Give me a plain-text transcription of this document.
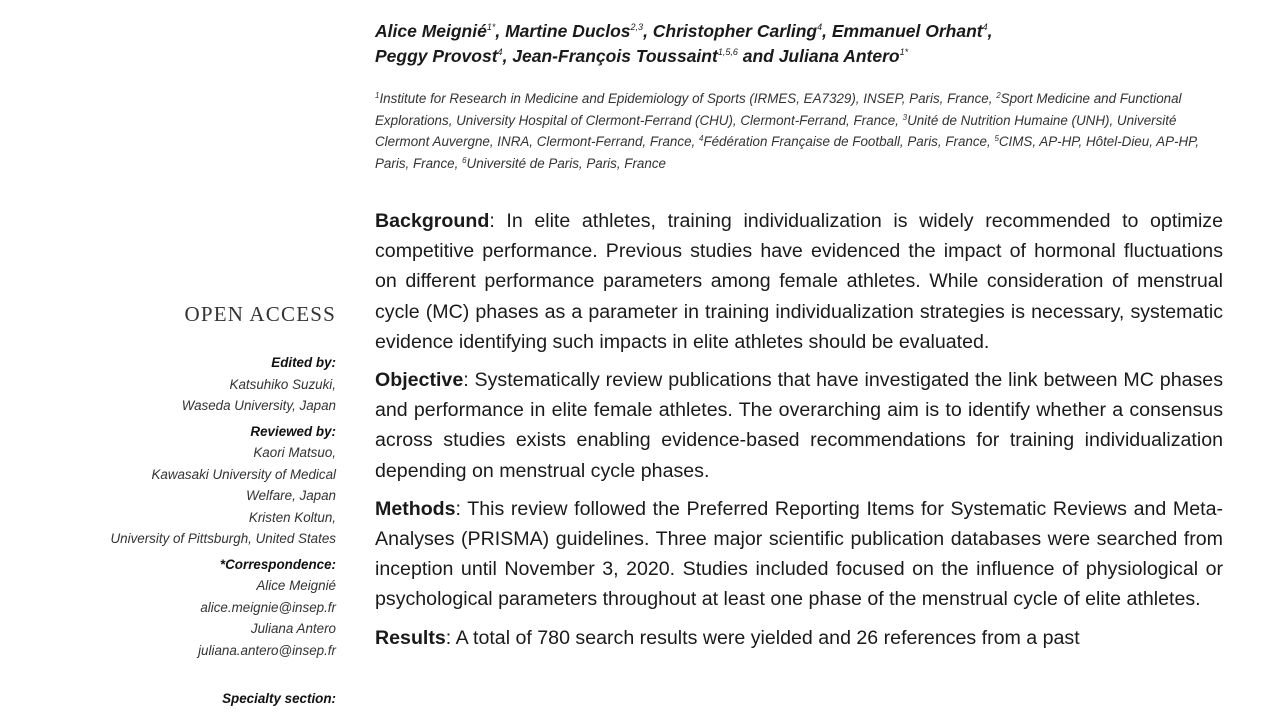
Alice Meignié$^{1*}$, Martine Duclos$^{2,3}$, Christopher Carling$^4$, Emmanuel Orhant$^4$,
Peggy Provost$^4$, Jean-François Toussaint$^{1,5,6}$ and Juliana Antero$^{1*}$
$^1$Institute for Research in Medicine and Epidemiology of Sports (IRMES, EA7329), INSEP, Paris, France, $^2$Sport Medicine and Functional Explorations, University Hospital of Clermont-Ferrand (CHU), Clermont-Ferrand, France, $^3$Unité de Nutrition Humaine (UNH), Université Clermont Auvergne, INRA, Clermont-Ferrand, France, $^4$Fédération Française de Football, Paris, France, $^5$CIMS, AP-HP, Hôtel-Dieu, AP-HP, Paris, France, $^6$Université de Paris, Paris, France
OPEN ACCESS
Edited by:
Katsuhiko Suzuki,
Waseda University, Japan
Reviewed by:
Kaori Matsuo,
Kawasaki University of Medical
Welfare, Japan
Kristen Koltun,
University of Pittsburgh, United States
*Correspondence:
Alice Meignié
alice.meignie@insep.fr
Juliana Antero
juliana.antero@insep.fr
Specialty section:

Background: In elite athletes, training individualization is widely recommended to optimize competitive performance. Previous studies have evidenced the impact of hormonal fluctuations on different performance parameters among female athletes. While consideration of menstrual cycle (MC) phases as a parameter in training individualization strategies is necessary, systematic evidence identifying such impacts in elite athletes should be evaluated.

Objective: Systematically review publications that have investigated the link between MC phases and performance in elite female athletes. The overarching aim is to identify whether a consensus across studies exists enabling evidence-based recommendations for training individualization depending on menstrual cycle phases.

Methods: This review followed the Preferred Reporting Items for Systematic Reviews and Meta-Analyses (PRISMA) guidelines. Three major scientific publication databases were searched from inception until November 3, 2020. Studies included focused on the influence of physiological or psychological parameters throughout at least one phase of the menstrual cycle of elite athletes.

Results: A total of 780 search results were yielded and 26 references from a past
